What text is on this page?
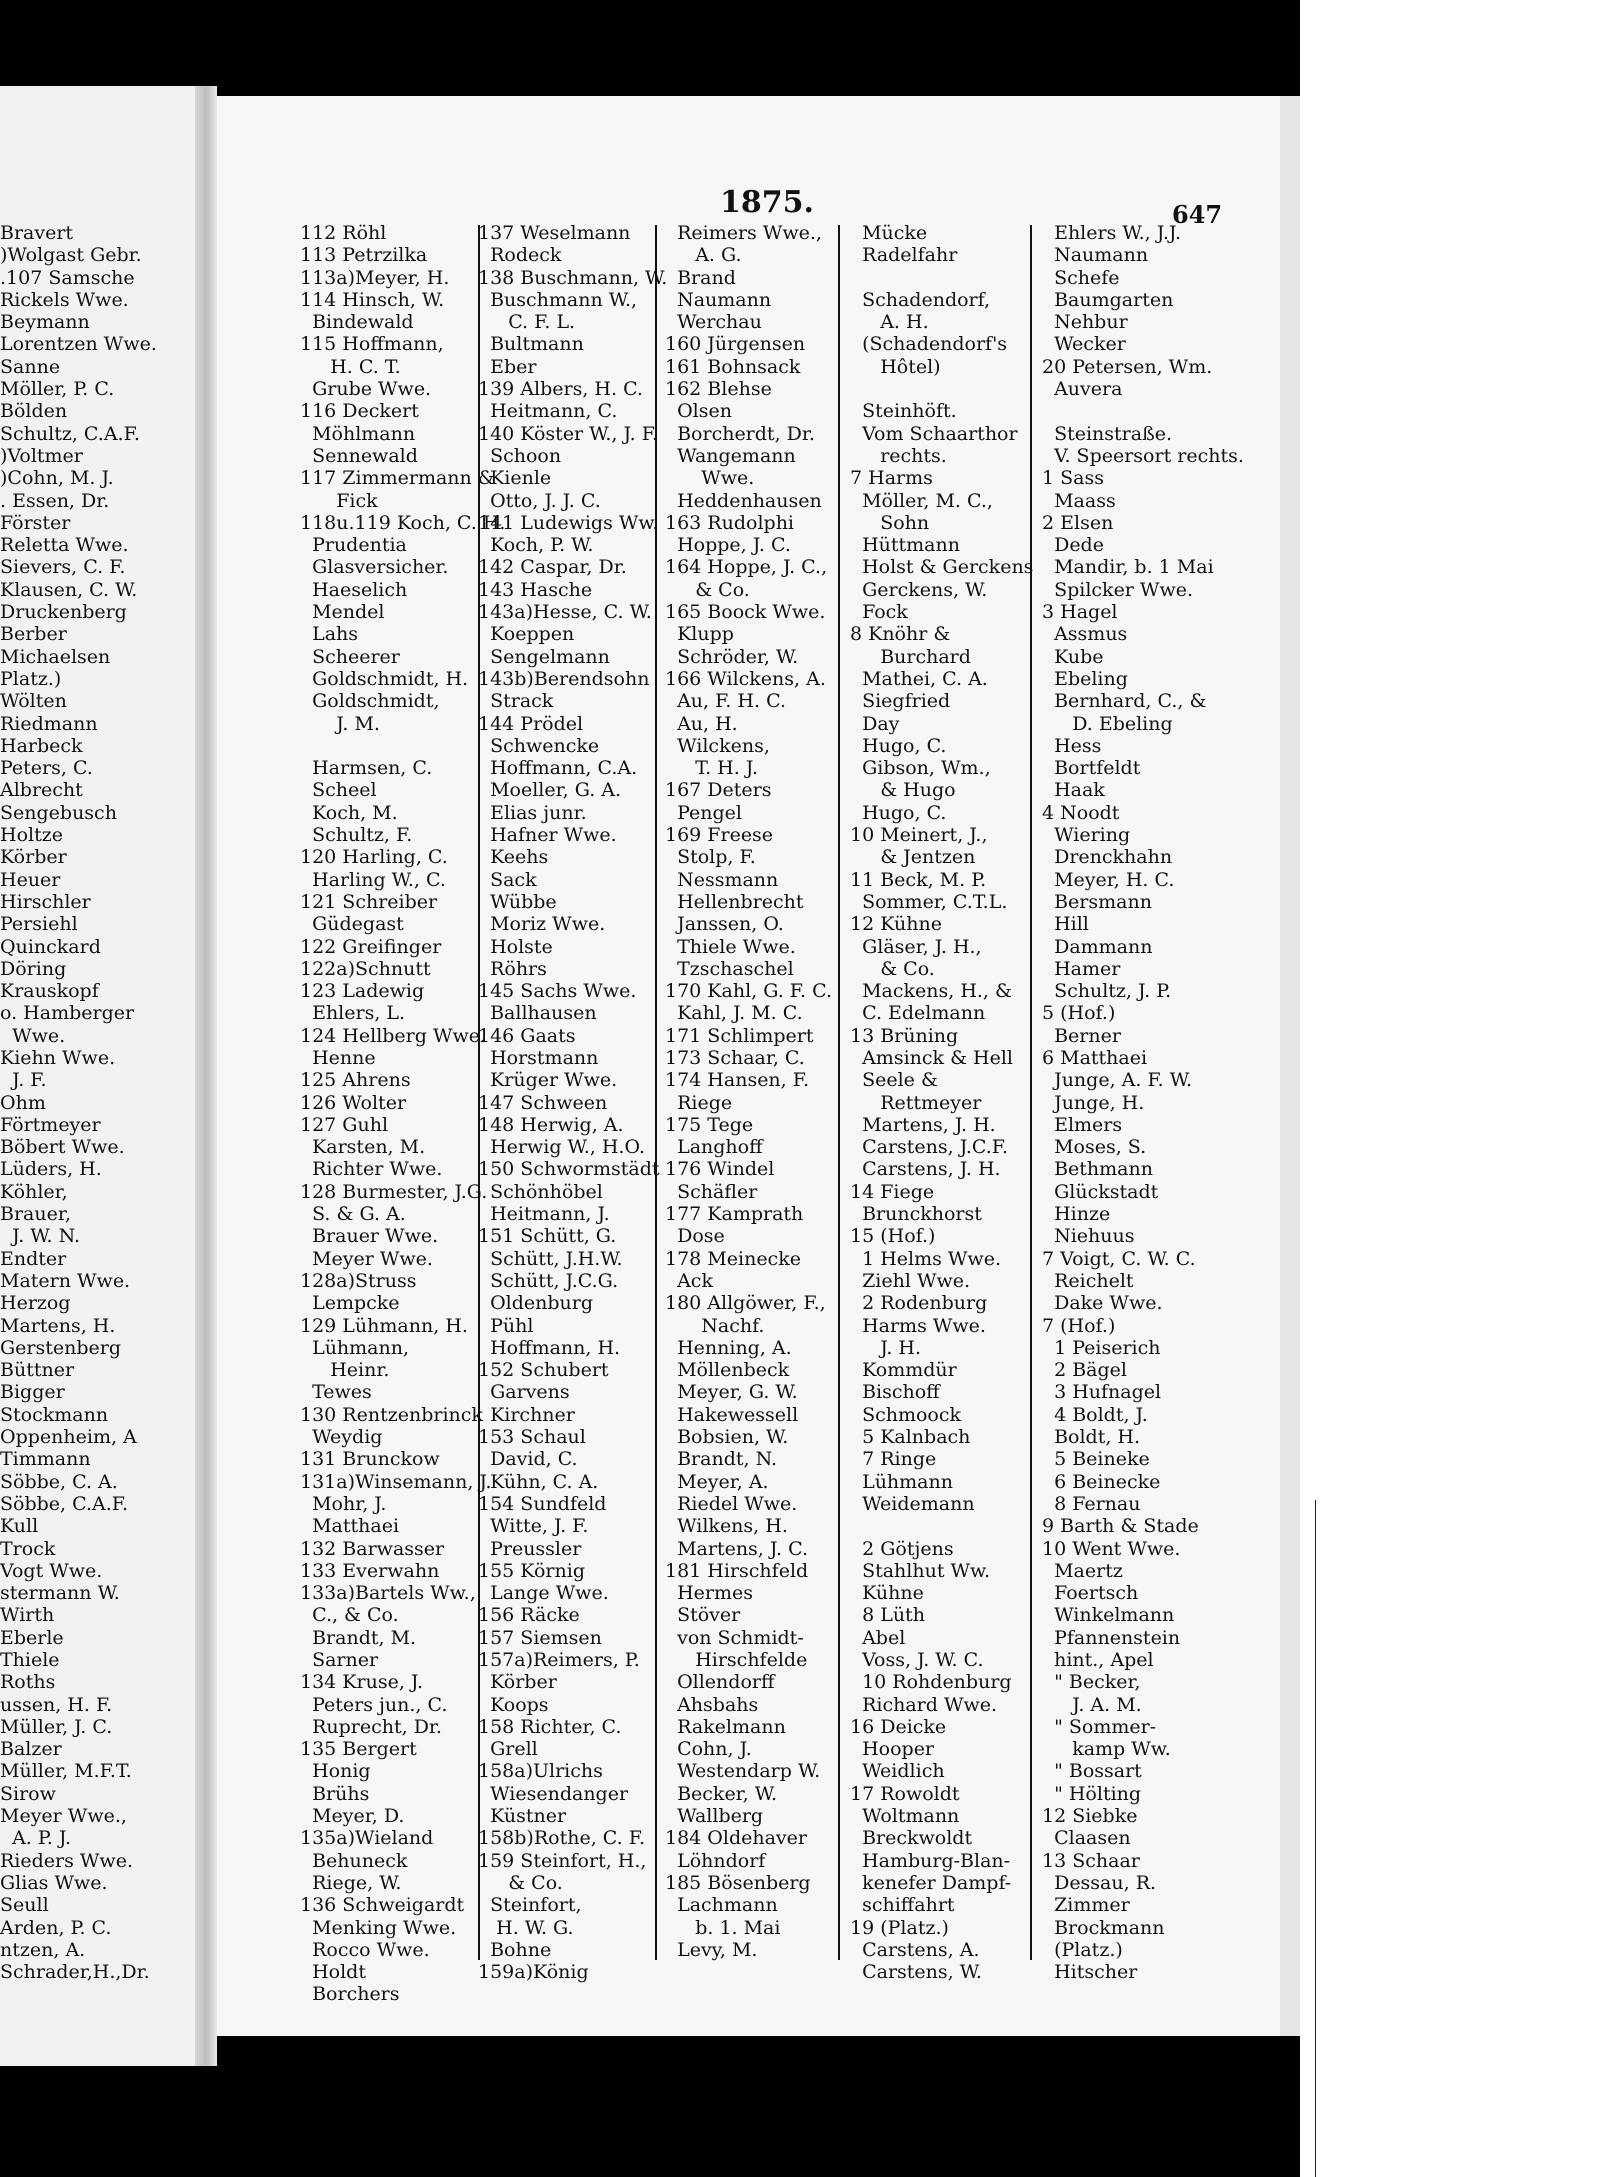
1875.	647
Bravert
)Wolgast Gebr.
.107 Samsche
Rickels Wwe.
Beymann
Lorentzen Wwe.
Sanne
Möller, P. C.
Bölden
Schultz, C.A.F.
)Voltmer
)Cohn, M. J.
. Essen, Dr.
Förster
Reletta Wwe.
Sievers, C. F.
Klausen, C. W.
Druckenberg
Berber
Michaelsen
Platz.)
Wölten
Riedmann
Harbeck
Peters, C.
Albrecht
Sengebusch
Holtze
Körber
Heuer
Hirschler
Persiehl
Quinckard
Döring
Krauskopf
o. Hamberger
Wwe.
Kiehn Wwe.
J. F.
Ohm
Förtmeyer
Böbert Wwe.
Lüders, H.
Köhler,
Brauer,
J. W. N.
Endter
Matern Wwe.
Herzog
Martens, H.
Gerstenberg
Büttner
Bigger
Stockmann
Oppenheim, A
Timmann
Söbbe, C. A.
Söbbe, C.A.F.
Kull
Trock
Vogt Wwe.
stermann W.
Wirth
Eberle
Thiele
Roths
ussen, H. F.
Müller, J. C.
Balzer
Müller, M.F.T.
Sirow
Meyer Wwe.,
A. P. J.
Rieders Wwe.
Glias Wwe.
Seull
Arden, P. C.
ntzen, A.
Schrader,H.,Dr.
112 Röhl
113 Petrzilka
113a)Meyer, H.
114 Hinsch, W.
Bindewald
115 Hoffmann,
H. C. T.
Grube Wwe.
116 Deckert
Möhlmann
Sennewald
117 Zimmermann &
Fick
118u.119 Koch, C. H.
Prudentia
Glasversicher.
Haeselich
Mendel
Lahs
Scheerer
Goldschmidt, H.
Goldschmidt,
J. M.

Harmsen, C.
Scheel
Koch, M.
Schultz, F.
120 Harling, C.
Harling W., C.
121 Schreiber
Güdegast
122 Greifinger
122a)Schnutt
123 Ladewig
Ehlers, L.
124 Hellberg Wwe.
Henne
125 Ahrens
126 Wolter
127 Guhl
Karsten, M.
Richter Wwe.
128 Burmester, J.G.
S. & G. A.
Brauer Wwe.
Meyer Wwe.
128a)Struss
Lempcke
129 Lühmann, H.
Lühmann,
Heinr.
Tewes
130 Rentzenbrinck
Weydig
131 Brunckow
131a)Winsemann, J.
Mohr, J.
Matthaei
132 Barwasser
133 Everwahn
133a)Bartels Ww.,
C., & Co.
Brandt, M.
Sarner
134 Kruse, J.
Peters jun., C.
Ruprecht, Dr.
135 Bergert
Honig
Brühs
Meyer, D.
135a)Wieland
Behuneck
Riege, W.
136 Schweigardt
Menking Wwe.
Rocco Wwe.
Holdt
Borchers
137 Weselmann
Rodeck
138 Buschmann, W.
Buschmann W.,
C. F. L.
Bultmann
Eber
139 Albers, H. C.
Heitmann, C.
140 Köster W., J. F.
Schoon
Kienle
Otto, J. J. C.
141 Ludewigs Ww.
Koch, P. W.
142 Caspar, Dr.
143 Hasche
143a)Hesse, C. W.
Koeppen
Sengelmann
143b)Berendsohn
Strack
144 Prödel
Schwencke
Hoffmann, C.A.
Moeller, G. A.
Elias junr.
Hafner Wwe.
Keehs
Sack
Wübbe
Moriz Wwe.
Holste
Röhrs
145 Sachs Wwe.
Ballhausen
146 Gaats
Horstmann
Krüger Wwe.
147 Schween
148 Herwig, A.
Herwig W., H.O.
150 Schwormstädt
Schönhöbel
Heitmann, J.
151 Schütt, G.
Schütt, J.H.W.
Schütt, J.C.G.
Oldenburg
Pühl
Hoffmann, H.
152 Schubert
Garvens
Kirchner
153 Schaul
David, C.
Kühn, C. A.
154 Sundfeld
Witte, J. F.
Preussler
155 Körnig
Lange Wwe.
156 Räcke
157 Siemsen
157a)Reimers, P.
Körber
Koops
158 Richter, C.
Grell
158a)Ulrichs
Wiesendanger
Küstner
158b)Rothe, C. F.
159 Steinfort, H.,
& Co.
Steinfort,
H. W. G.
Bohne
159a)König
Reimers Wwe.,
A. G.
Brand
Naumann
Werchau
160 Jürgensen
161 Bohnsack
162 Blehse
Olsen
Borcherdt, Dr.
Wangemann
Wwe.
Heddenhausen
163 Rudolphi
Hoppe, J. C.
164 Hoppe, J. C.,
& Co.
165 Boock Wwe.
Klupp
Schröder, W.
166 Wilckens, A.
Au, F. H. C.
Au, H.
Wilckens,
T. H. J.
167 Deters
Pengel
169 Freese
Stolp, F.
Nessmann
Hellenbrecht
Janssen, O.
Thiele Wwe.
Tzschaschel
170 Kahl, G. F. C.
Kahl, J. M. C.
171 Schlimpert
173 Schaar, C.
174 Hansen, F.
Riege
175 Tege
Langhoff
176 Windel
Schäfler
177 Kamprath
Dose
178 Meinecke
Ack
180 Allgöwer, F.,
Nachf.
Henning, A.
Möllenbeck
Meyer, G. W.
Hakewessell
Bobsien, W.
Brandt, N.
Meyer, A.
Riedel Wwe.
Wilkens, H.
Martens, J. C.
181 Hirschfeld
Hermes
Stöver
von Schmidt-
Hirschfelde
Ollendorff
Ahsbahs
Rakelmann
Cohn, J.
Westendarp W.
Becker, W.
Wallberg
184 Oldehaver
Löhndorf
185 Bösenberg
Lachmann
b. 1. Mai
Levy, M.
Mücke
Radelfahr

Schadendorf,
A. H.
(Schadendorf's
Hôtel)

Steinhöft.
Vom Schaarthor
rechts.
7 Harms
Möller, M. C.,
Sohn
Hüttmann
Holst & Gerckens
Gerckens, W.
Fock
8 Knöhr &
Burchard
Mathei, C. A.
Siegfried
Day
Hugo, C.
Gibson, Wm.,
& Hugo
Hugo, C.
10 Meinert, J.,
& Jentzen
11 Beck, M. P.
Sommer, C.T.L.
12 Kühne
Gläser, J. H.,
& Co.
Mackens, H., &
C. Edelmann
13 Brüning
Amsinck & Hell
Seele &
Rettmeyer
Martens, J. H.
Carstens, J.C.F.
Carstens, J. H.
14 Fiege
Brunckhorst
15 (Hof.)
1 Helms Wwe.
Ziehl Wwe.
2 Rodenburg
Harms Wwe.
J. H.
Kommdür
Bischoff
Schmoock
5 Kalnbach
7 Ringe
Lühmann
Weidemann

2 Götjens
Stahlhut Ww.
Kühne
8 Lüth
Abel
Voss, J. W. C.
10 Rohdenburg
Richard Wwe.
16 Deicke
Hooper
Weidlich
17 Rowoldt
Woltmann
Breckwoldt
Hamburg-Blan-
kenefer Dampf-
schiffahrt
19 (Platz.)
Carstens, A.
Carstens, W.
Ehlers W., J.J.
Naumann
Schefe
Baumgarten
Nehbur
Wecker
20 Petersen, Wm.
Auvera

Steinstraße.
V. Speersort rechts.
1 Sass
Maass
2 Elsen
Dede
Mandir, b. 1 Mai
Spilcker Wwe.
3 Hagel
Assmus
Kube
Ebeling
Bernhard, C., &
D. Ebeling
Hess
Bortfeldt
Haak
4 Noodt
Wiering
Drenckhahn
Meyer, H. C.
Bersmann
Hill
Dammann
Hamer
Schultz, J. P.
5 (Hof.)
Berner
6 Matthaei
Junge, A. F. W.
Junge, H.
Elmers
Moses, S.
Bethmann
Glückstadt
Hinze
Niehuus
7 Voigt, C. W. C.
Reichelt
Dake Wwe.
7 (Hof.)
1 Peiserich
2 Bägel
3 Hufnagel
4 Boldt, J.
Boldt, H.
5 Beineke
6 Beinecke
8 Fernau
9 Barth & Stade
10 Went Wwe.
Maertz
Foertsch
Winkelmann
Pfannenstein
hint., Apel
" Becker,
J. A. M.
" Sommer-
kamp Ww.
" Bossart
" Hölting
12 Siebke
Claasen
13 Schaar
Dessau, R.
Zimmer
Brockmann
(Platz.)
Hitscher
